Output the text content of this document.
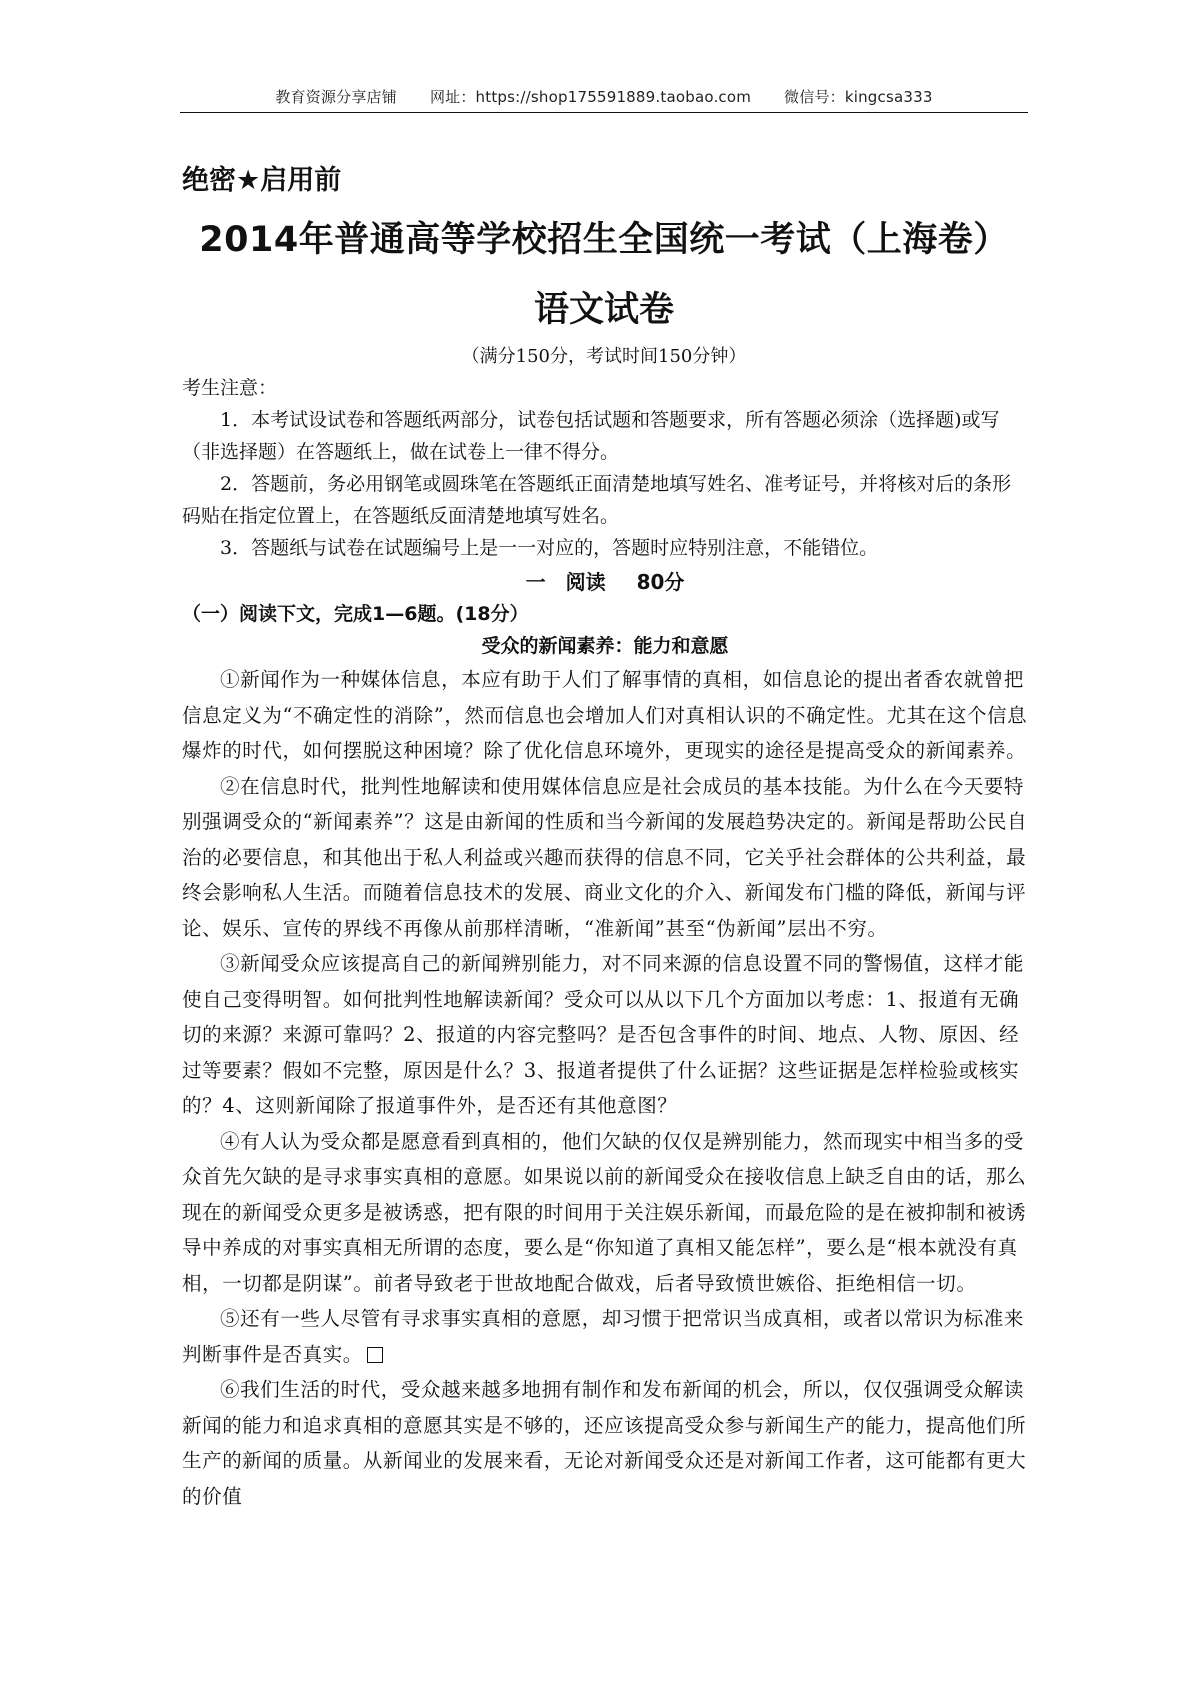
教育资源分享店铺 网址：https://shop175591889.taobao.com 微信号：kingcsa333
绝密★启用前
2014年普通高等学校招生全国统一考试（上海卷）
语文试卷
（满分150分，考试时间150分钟）

考生注意：

1．本考试设试卷和答题纸两部分，试卷包括试题和答题要求，所有答题必须涂（选择题)或写（非选择题）在答题纸上，做在试卷上一律不得分。

2．答题前，务必用钢笔或圆珠笔在答题纸正面清楚地填写姓名、准考证号，并将核对后的条形码贴在指定位置上，在答题纸反面清楚地填写姓名。

3．答题纸与试卷在试题编号上是一一对应的，答题时应特别注意，不能错位。

一　阅读 80分

（一）阅读下文，完成1—6题。(18分）

受众的新闻素养：能力和意愿

①新闻作为一种媒体信息，本应有助于人们了解事情的真相，如信息论的提出者香农就曾把信息定义为“不确定性的消除”，然而信息也会增加人们对真相认识的不确定性。尤其在这个信息爆炸的时代，如何摆脱这种困境？除了优化信息环境外，更现实的途径是提高受众的新闻素养。

②在信息时代，批判性地解读和使用媒体信息应是社会成员的基本技能。为什么在今天要特别强调受众的“新闻素养”？这是由新闻的性质和当今新闻的发展趋势决定的。新闻是帮助公民自治的必要信息，和其他出于私人利益或兴趣而获得的信息不同，它关乎社会群体的公共利益，最终会影响私人生活。而随着信息技术的发展、商业文化的介入、新闻发布门槛的降低，新闻与评论、娱乐、宣传的界线不再像从前那样清晰，“准新闻”甚至“伪新闻”层出不穷。

③新闻受众应该提高自己的新闻辨别能力，对不同来源的信息设置不同的警惕值，这样才能使自己变得明智。如何批判性地解读新闻？受众可以从以下几个方面加以考虑：1、报道有无确切的来源？来源可靠吗？2、报道的内容完整吗？是否包含事件的时间、地点、人物、原因、经过等要素？假如不完整，原因是什么？3、报道者提供了什么证据？这些证据是怎样检验或核实的？4、这则新闻除了报道事件外，是否还有其他意图？

④有人认为受众都是愿意看到真相的，他们欠缺的仅仅是辨别能力，然而现实中相当多的受众首先欠缺的是寻求事实真相的意愿。如果说以前的新闻受众在接收信息上缺乏自由的话，那么现在的新闻受众更多是被诱惑，把有限的时间用于关注娱乐新闻，而最危险的是在被抑制和被诱导中养成的对事实真相无所谓的态度，要么是“你知道了真相又能怎样”，要么是“根本就没有真相，一切都是阴谋”。前者导致老于世故地配合做戏，后者导致愤世嫉俗、拒绝相信一切。

⑤还有一些人尽管有寻求事实真相的意愿，却习惯于把常识当成真相，或者以常识为标准来判断事件是否真实。

⑥我们生活的时代，受众越来越多地拥有制作和发布新闻的机会，所以，仅仅强调受众解读新闻的能力和追求真相的意愿其实是不够的，还应该提高受众参与新闻生产的能力，提高他们所生产的新闻的质量。从新闻业的发展来看，无论对新闻受众还是对新闻工作者，这可能都有更大的价值
